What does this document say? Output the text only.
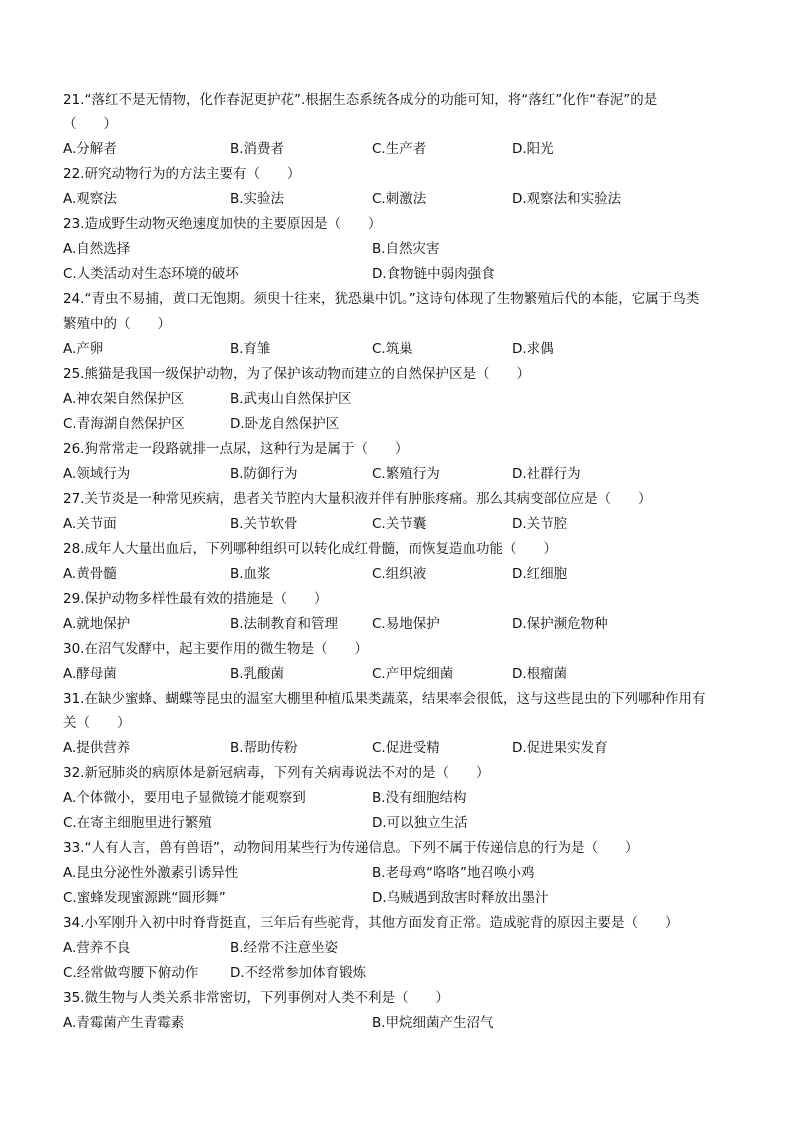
21.“落红不是无情物，化作春泥更护花”.根据生态系统各成分的功能可知，将“落红”化作“春泥”的是
（　　）
A.分解者	B.消费者	C.生产者	D.阳光
22.研究动物行为的方法主要有（　　）
A.观察法	B.实验法	C.刺激法	D.观察法和实验法
23.造成野生动物灭绝速度加快的主要原因是（　　）
A.自然选择	B.自然灾害
C.人类活动对生态环境的破坏	D.食物链中弱肉强食
24.“青虫不易捕，黄口无饱期。须臾十往来，犹恐巢中饥。”这诗句体现了生物繁殖后代的本能，它属于鸟类
繁殖中的（　　）
A.产卵	B.育雏	C.筑巢	D.求偶
25.熊猫是我国一级保护动物，为了保护该动物而建立的自然保护区是（　　）
A.神农架自然保护区	B.武夷山自然保护区
C.青海湖自然保护区	D.卧龙自然保护区
26.狗常常走一段路就排一点尿，这种行为是属于（　　）
A.领域行为	B.防御行为	C.繁殖行为	D.社群行为
27.关节炎是一种常见疾病，患者关节腔内大量积液并伴有肿胀疼痛。那么其病变部位应是（　　）
A.关节面	B.关节软骨	C.关节囊	D.关节腔
28.成年人大量出血后，下列哪种组织可以转化成红骨髓，而恢复造血功能（　　）
A.黄骨髓	B.血浆	C.组织液	D.红细胞
29.保护动物多样性最有效的措施是（　　）
A.就地保护	B.法制教育和管理	C.易地保护	D.保护濒危物种
30.在沼气发酵中，起主要作用的微生物是（　　）
A.酵母菌	B.乳酸菌	C.产甲烷细菌	D.根瘤菌
31.在缺少蜜蜂、蝴蝶等昆虫的温室大棚里种植瓜果类蔬菜，结果率会很低，这与这些昆虫的下列哪种作用有
关（　　）
A.提供营养	B.帮助传粉	C.促进受精	D.促进果实发育
32.新冠肺炎的病原体是新冠病毒，下列有关病毒说法不对的是（　　）
A.个体微小，要用电子显微镜才能观察到	B.没有细胞结构
C.在寄主细胞里进行繁殖	D.可以独立生活
33.“人有人言，兽有兽语”，动物间用某些行为传递信息。下列不属于传递信息的行为是（　　）
A.昆虫分泌性外激素引诱异性	B.老母鸡“咯咯”地召唤小鸡
C.蜜蜂发现蜜源跳“圆形舞”	D.乌贼遇到敌害时释放出墨汁
34.小军刚升入初中时脊背挺直，三年后有些驼背，其他方面发育正常。造成驼背的原因主要是（　　）
A.营养不良	B.经常不注意坐姿
C.经常做弯腰下俯动作 D.不经常参加体育锻炼
35.微生物与人类关系非常密切，下列事例对人类不利是（　　）
A.青霉菌产生青霉素	B.甲烷细菌产生沼气
